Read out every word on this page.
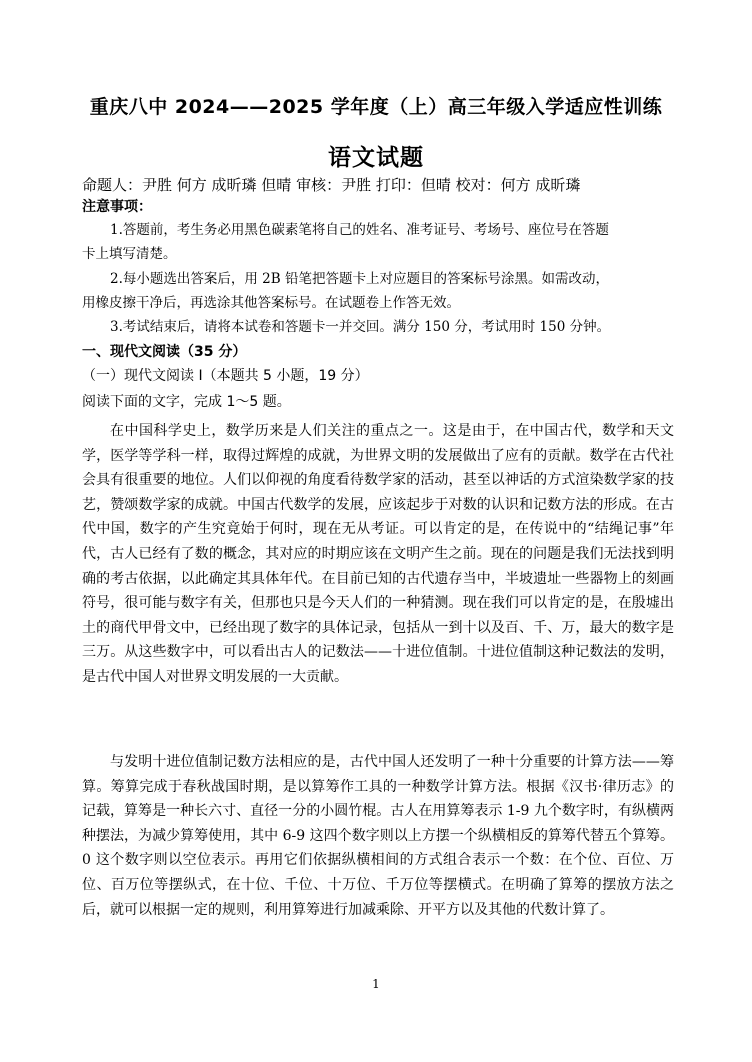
重庆八中 2024——2025 学年度（上）高三年级入学适应性训练
语文试题
命题人：尹胜 何方 成昕璘 但晴 审核：尹胜 打印：但晴 校对：何方 成昕璘
注意事项：
1.答题前，考生务必用黑色碳素笔将自己的姓名、准考证号、考场号、座位号在答题
卡上填写清楚。
2.每小题选出答案后，用 2B 铅笔把答题卡上对应题目的答案标号涂黑。如需改动，
用橡皮擦干净后，再选涂其他答案标号。在试题卷上作答无效。
3.考试结束后，请将本试卷和答题卡一并交回。满分 150 分，考试用时 150 分钟。
一、现代文阅读（35 分）
（一）现代文阅读 I（本题共 5 小题，19 分）
阅读下面的文字，完成 1～5 题。
在中国科学史上，数学历来是人们关注的重点之一。这是由于，在中国古代，数学和天文学，医学等学科一样，取得过辉煌的成就，为世界文明的发展做出了应有的贡献。数学在古代社会具有很重要的地位。人们以仰视的角度看待数学家的活动，甚至以神话的方式渲染数学家的技艺，赞颂数学家的成就。中国古代数学的发展，应该起步于对数的认识和记数方法的形成。在古代中国，数字的产生究竟始于何时，现在无从考证。可以肯定的是，在传说中的“结绳记事”年代，古人已经有了数的概念，其对应的时期应该在文明产生之前。现在的问题是我们无法找到明确的考古依据，以此确定其具体年代。在目前已知的古代遗存当中，半坡遗址一些器物上的刻画符号，很可能与数字有关，但那也只是今天人们的一种猜测。现在我们可以肯定的是，在殷墟出土的商代甲骨文中，已经出现了数字的具体记录，包括从一到十以及百、千、万，最大的数字是三万。从这些数字中，可以看出古人的记数法——十进位值制。十进位值制这种记数法的发明，是古代中国人对世界文明发展的一大贡献。
与发明十进位值制记数方法相应的是，古代中国人还发明了一种十分重要的计算方法——筹算。筹算完成于春秋战国时期，是以算筹作工具的一种数学计算方法。根据《汉书·律历志》的记载，算筹是一种长六寸、直径一分的小圆竹棍。古人在用算筹表示 1-9 九个数字时，有纵横两种摆法，为减少算筹使用，其中 6-9 这四个数字则以上方摆一个纵横相反的算筹代替五个算筹。0 这个数字则以空位表示。再用它们依据纵横相间的方式组合表示一个数：在个位、百位、万位、百万位等摆纵式，在十位、千位、十万位、千万位等摆横式。在明确了算筹的摆放方法之后，就可以根据一定的规则，利用算筹进行加减乘除、开平方以及其他的代数计算了。
1
